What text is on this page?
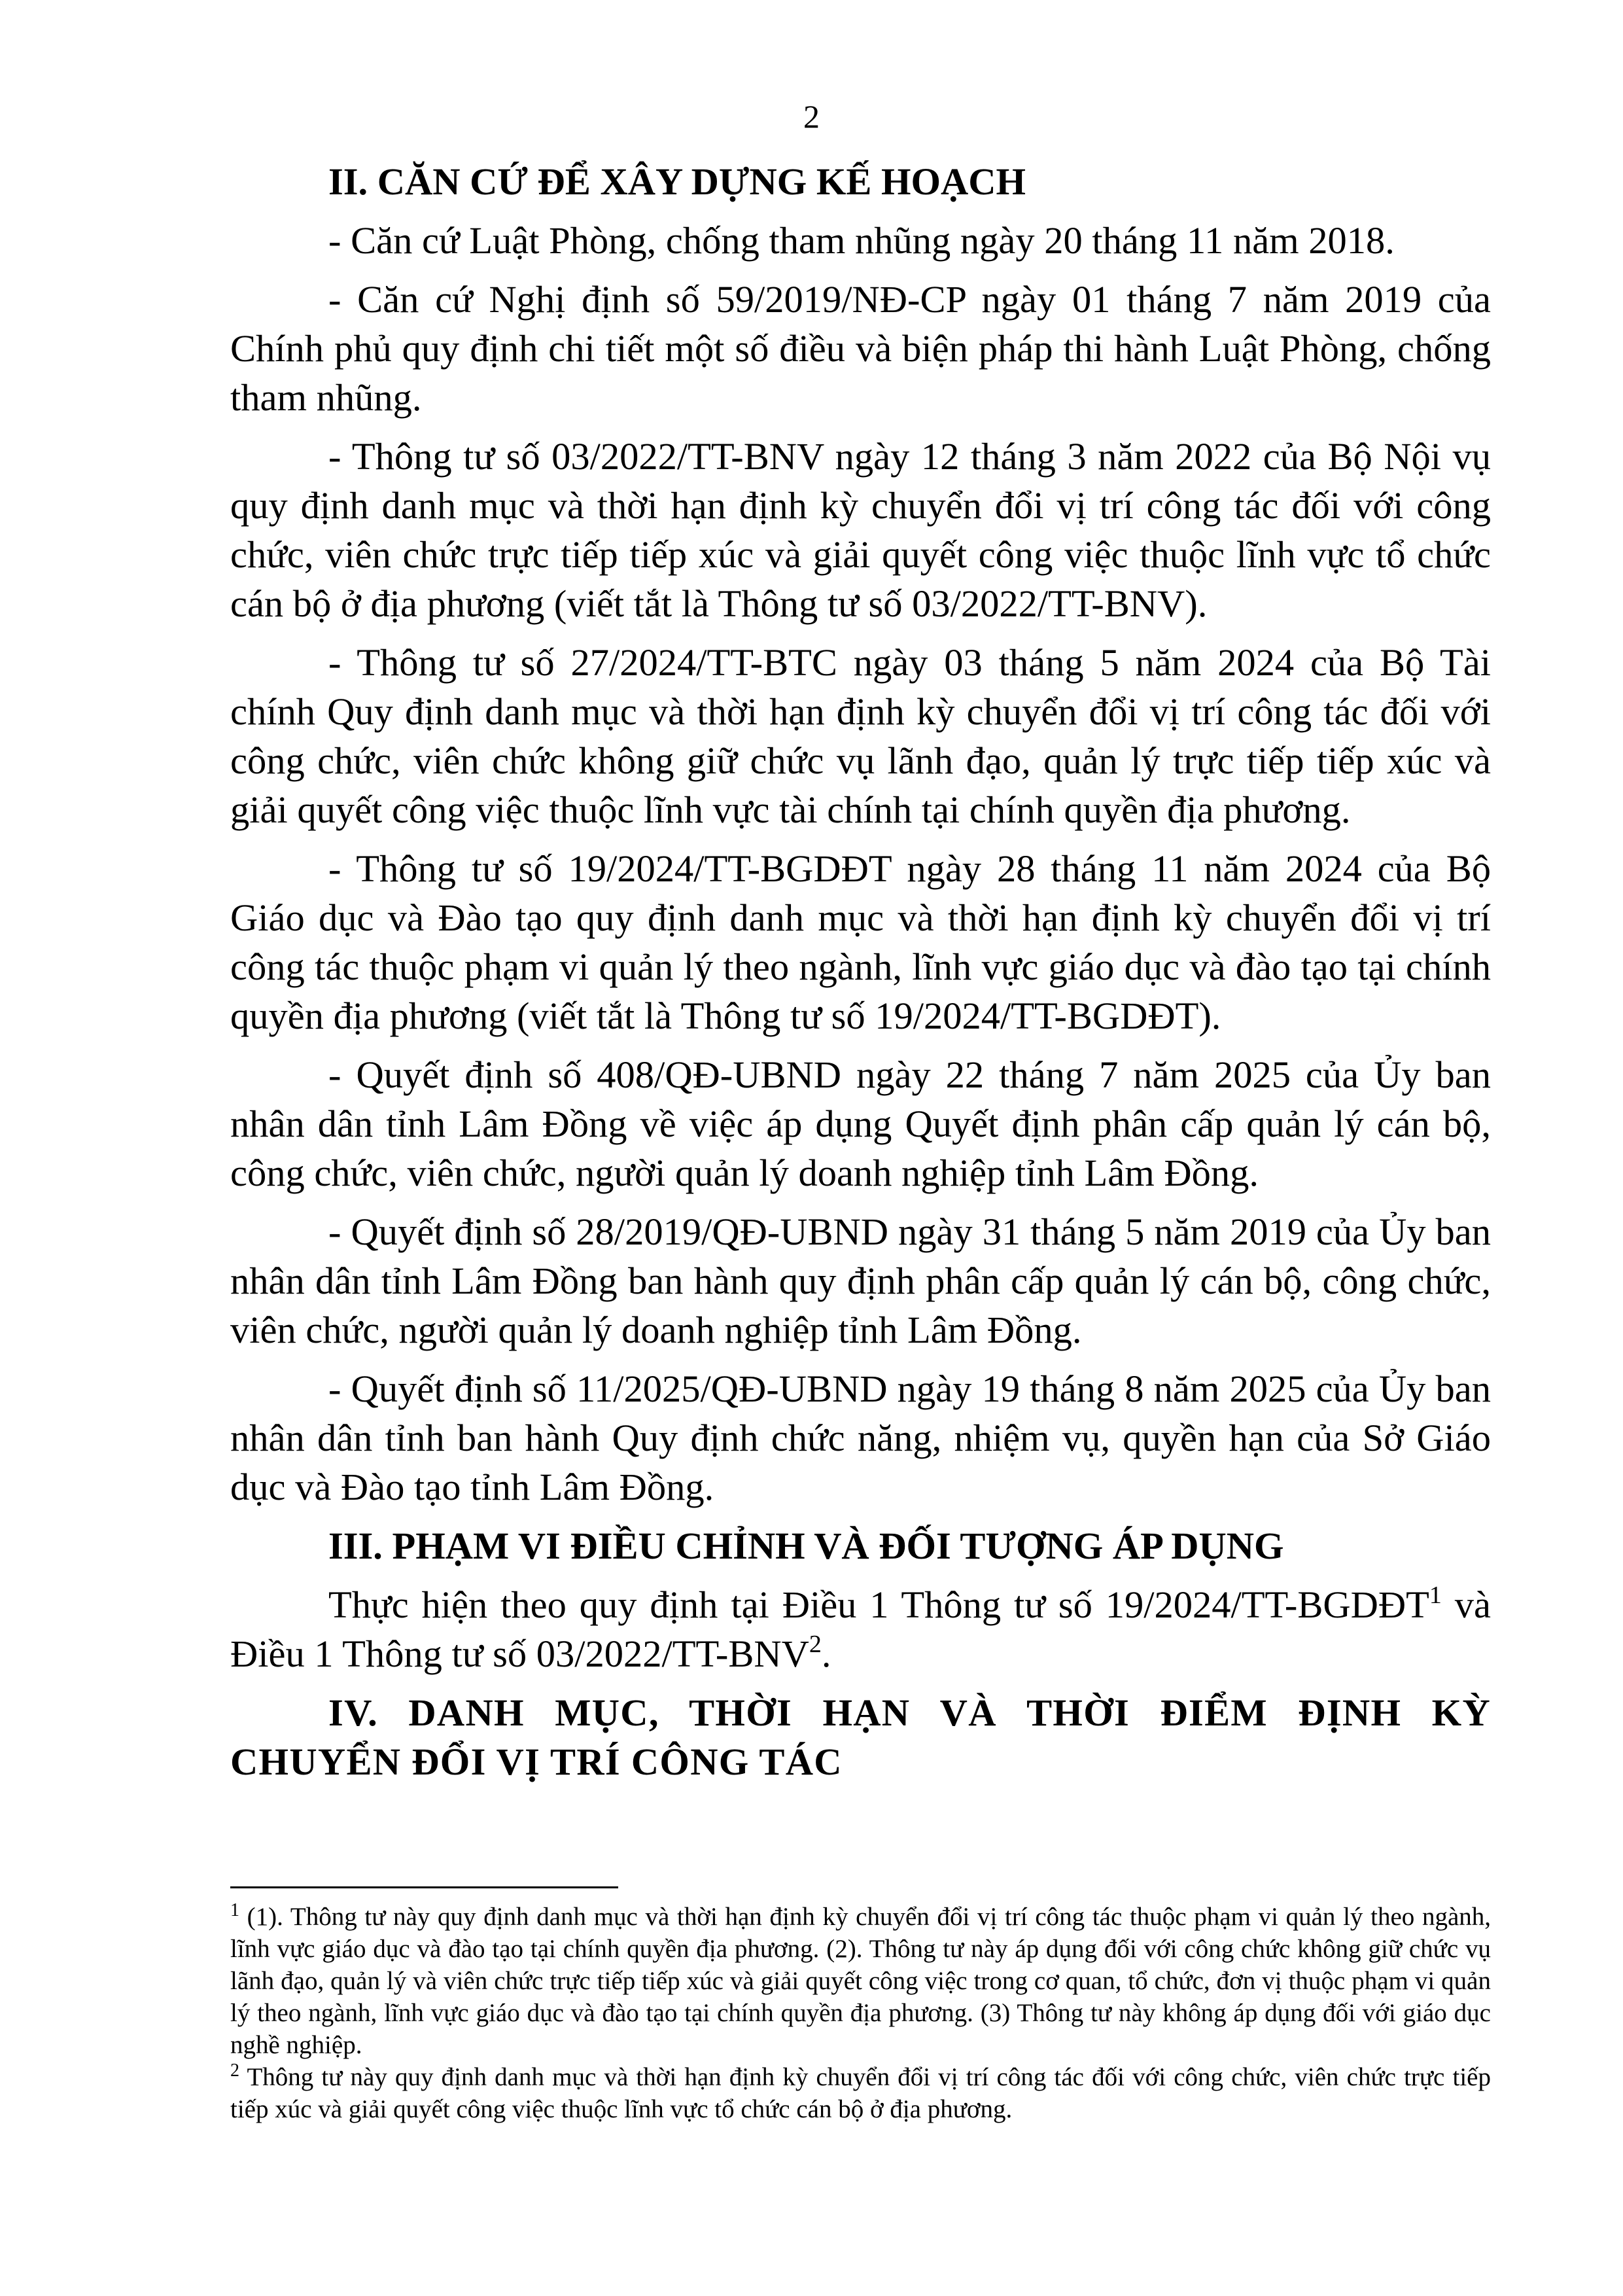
2

II. CĂN CỨ ĐỂ XÂY DỰNG KẾ HOẠCH

- Căn cứ Luật Phòng, chống tham nhũng ngày 20 tháng 11 năm 2018.

- Căn cứ Nghị định số 59/2019/NĐ-CP ngày 01 tháng 7 năm 2019 của Chính phủ quy định chi tiết một số điều và biện pháp thi hành Luật Phòng, chống tham nhũng.

- Thông tư số 03/2022/TT-BNV ngày 12 tháng 3 năm 2022 của Bộ Nội vụ quy định danh mục và thời hạn định kỳ chuyển đổi vị trí công tác đối với công chức, viên chức trực tiếp tiếp xúc và giải quyết công việc thuộc lĩnh vực tổ chức cán bộ ở địa phương (viết tắt là Thông tư số 03/2022/TT-BNV).

- Thông tư số 27/2024/TT-BTC ngày 03 tháng 5 năm 2024 của Bộ Tài chính Quy định danh mục và thời hạn định kỳ chuyển đổi vị trí công tác đối với công chức, viên chức không giữ chức vụ lãnh đạo, quản lý trực tiếp tiếp xúc và giải quyết công việc thuộc lĩnh vực tài chính tại chính quyền địa phương.

- Thông tư số 19/2024/TT-BGDĐT ngày 28 tháng 11 năm 2024 của Bộ Giáo dục và Đào tạo quy định danh mục và thời hạn định kỳ chuyển đổi vị trí công tác thuộc phạm vi quản lý theo ngành, lĩnh vực giáo dục và đào tạo tại chính quyền địa phương (viết tắt là Thông tư số 19/2024/TT-BGDĐT).

- Quyết định số 408/QĐ-UBND ngày 22 tháng 7 năm 2025 của Ủy ban nhân dân tỉnh Lâm Đồng về việc áp dụng Quyết định phân cấp quản lý cán bộ, công chức, viên chức, người quản lý doanh nghiệp tỉnh Lâm Đồng.

- Quyết định số 28/2019/QĐ-UBND ngày 31 tháng 5 năm 2019 của Ủy ban nhân dân tỉnh Lâm Đồng ban hành quy định phân cấp quản lý cán bộ, công chức, viên chức, người quản lý doanh nghiệp tỉnh Lâm Đồng.

- Quyết định số 11/2025/QĐ-UBND ngày 19 tháng 8 năm 2025 của Ủy ban nhân dân tỉnh ban hành Quy định chức năng, nhiệm vụ, quyền hạn của Sở Giáo dục và Đào tạo tỉnh Lâm Đồng.

III. PHẠM VI ĐIỀU CHỈNH VÀ ĐỐI TƯỢNG ÁP DỤNG

Thực hiện theo quy định tại Điều 1 Thông tư số 19/2024/TT-BGDĐT$^1$ và Điều 1 Thông tư số 03/2022/TT-BNV$^2$.

IV. DANH MỤC, THỜI HẠN VÀ THỜI ĐIỂM ĐỊNH KỲ CHUYỂN ĐỔI VỊ TRÍ CÔNG TÁC

$^1$ (1). Thông tư này quy định danh mục và thời hạn định kỳ chuyển đổi vị trí công tác thuộc phạm vi quản lý theo ngành, lĩnh vực giáo dục và đào tạo tại chính quyền địa phương. (2). Thông tư này áp dụng đối với công chức không giữ chức vụ lãnh đạo, quản lý và viên chức trực tiếp tiếp xúc và giải quyết công việc trong cơ quan, tổ chức, đơn vị thuộc phạm vi quản lý theo ngành, lĩnh vực giáo dục và đào tạo tại chính quyền địa phương. (3) Thông tư này không áp dụng đối với giáo dục nghề nghiệp.

$^2$ Thông tư này quy định danh mục và thời hạn định kỳ chuyển đổi vị trí công tác đối với công chức, viên chức trực tiếp tiếp xúc và giải quyết công việc thuộc lĩnh vực tổ chức cán bộ ở địa phương.
